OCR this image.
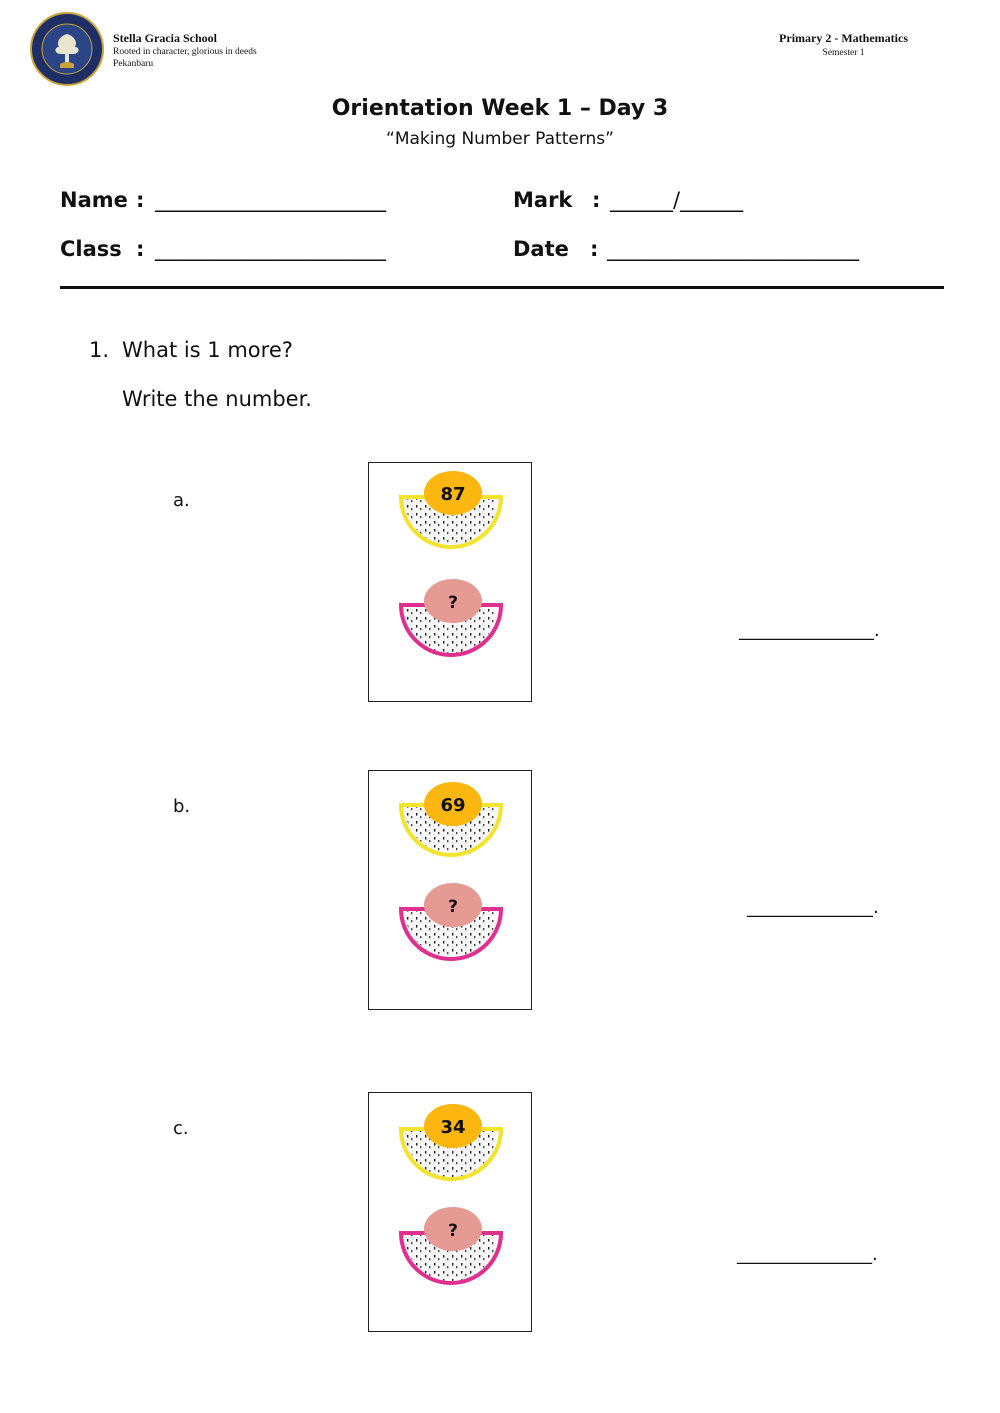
Stella Gracia School
Rooted in character, glorious in deeds
Pekanbaru
Primary 2 - Mathematics
Semester 1
Orientation Week 1 – Day 3
“Making Number Patterns”
Name : ______________________	Mark : ______/______
Class : ______________________	Date : ________________________
1. What is 1 more?
Write the number.
a.	87
?
_______________.
b.	69
?	______________.
c.	34
?
_______________.
